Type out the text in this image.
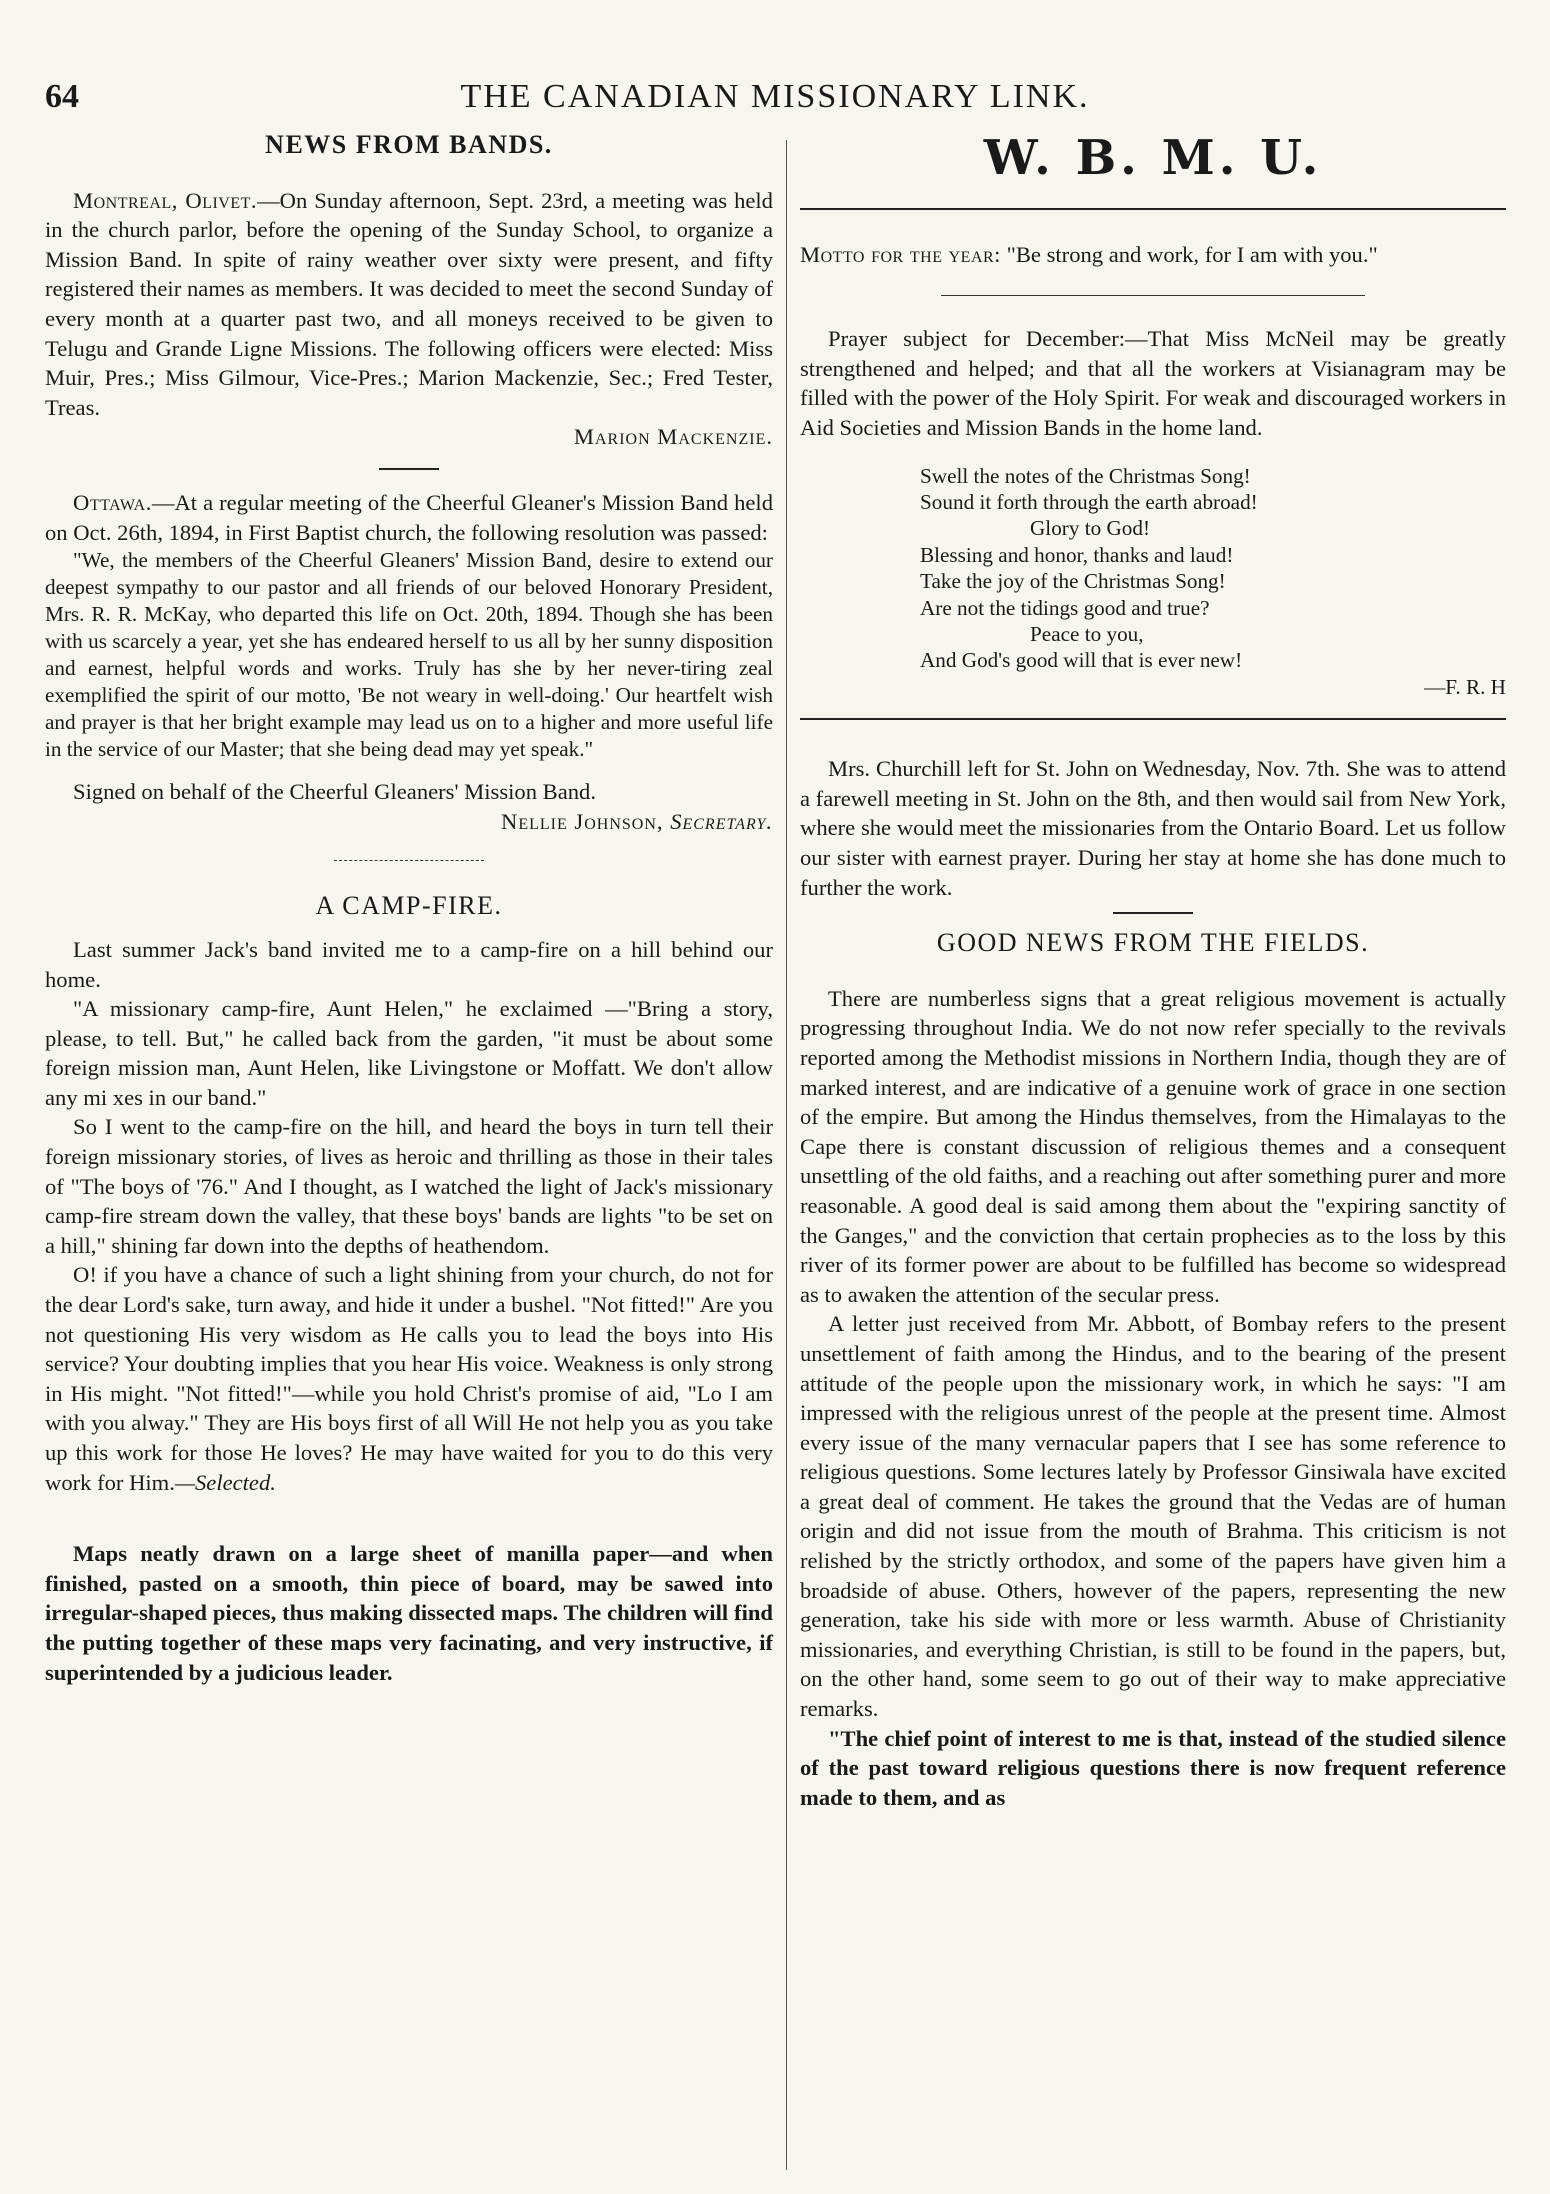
64	THE CANADIAN MISSIONARY LINK.
NEWS FROM BANDS.

Montreal, Olivet.—On Sunday afternoon, Sept. 23rd, a meeting was held in the church parlor, before the opening of the Sunday School, to organize a Mission Band. In spite of rainy weather over sixty were present, and fifty registered their names as members. It was decided to meet the second Sunday of every month at a quarter past two, and all moneys received to be given to Telugu and Grande Ligne Missions. The following officers were elected: Miss Muir, Pres.; Miss Gilmour, Vice-Pres.; Marion Mackenzie, Sec.; Fred Tester, Treas.

Marion Mackenzie.

Ottawa.—At a regular meeting of the Cheerful Gleaner's Mission Band held on Oct. 26th, 1894, in First Baptist church, the following resolution was passed:

"We, the members of the Cheerful Gleaners' Mission Band, desire to extend our deepest sympathy to our pastor and all friends of our beloved Honorary President, Mrs. R. R. McKay, who departed this life on Oct. 20th, 1894. Though she has been with us scarcely a year, yet she has endeared herself to us all by her sunny disposition and earnest, helpful words and works. Truly has she by her never-tiring zeal exemplified the spirit of our motto, 'Be not weary in well-doing.' Our heartfelt wish and prayer is that her bright example may lead us on to a higher and more useful life in the service of our Master; that she being dead may yet speak."

Signed on behalf of the Cheerful Gleaners' Mission Band.

Nellie Johnson, Secretary.
A CAMP-FIRE.

Last summer Jack's band invited me to a camp-fire on a hill behind our home.

"A missionary camp-fire, Aunt Helen," he exclaimed —"Bring a story, please, to tell. But," he called back from the garden, "it must be about some foreign mission man, Aunt Helen, like Livingstone or Moffatt. We don't allow any mi xes in our band."

So I went to the camp-fire on the hill, and heard the boys in turn tell their foreign missionary stories, of lives as heroic and thrilling as those in their tales of "The boys of '76." And I thought, as I watched the light of Jack's missionary camp-fire stream down the valley, that these boys' bands are lights "to be set on a hill," shining far down into the depths of heathendom.

O! if you have a chance of such a light shining from your church, do not for the dear Lord's sake, turn away, and hide it under a bushel. "Not fitted!" Are you not questioning His very wisdom as He calls you to lead the boys into His service? Your doubting implies that you hear His voice. Weakness is only strong in His might. "Not fitted!"—while you hold Christ's promise of aid, "Lo I am with you alway." They are His boys first of all Will He not help you as you take up this work for those He loves? He may have waited for you to do this very work for Him.—Selected.

Maps neatly drawn on a large sheet of manilla paper—and when finished, pasted on a smooth, thin piece of board, may be sawed into irregular-shaped pieces, thus making dissected maps. The children will find the putting together of these maps very facinating, and very instructive, if superintended by a judicious leader.

W. B. M. U.

Motto for the year: "Be strong and work, for I am with you."

Prayer subject for December:—That Miss McNeil may be greatly strengthened and helped; and that all the workers at Visianagram may be filled with the power of the Holy Spirit. For weak and discouraged workers in Aid Societies and Mission Bands in the home land.

Swell the notes of the Christmas Song!
Sound it forth through the earth abroad!
Glory to God!
Blessing and honor, thanks and laud!
Take the joy of the Christmas Song!
Are not the tidings good and true?
Peace to you,
And God's good will that is ever new!
—F. R. H

Mrs. Churchill left for St. John on Wednesday, Nov. 7th. She was to attend a farewell meeting in St. John on the 8th, and then would sail from New York, where she would meet the missionaries from the Ontario Board. Let us follow our sister with earnest prayer. During her stay at home she has done much to further the work.

GOOD NEWS FROM THE FIELDS.

There are numberless signs that a great religious movement is actually progressing throughout India. We do not now refer specially to the revivals reported among the Methodist missions in Northern India, though they are of marked interest, and are indicative of a genuine work of grace in one section of the empire. But among the Hindus themselves, from the Himalayas to the Cape there is constant discussion of religious themes and a consequent unsettling of the old faiths, and a reaching out after something purer and more reasonable. A good deal is said among them about the "expiring sanctity of the Ganges," and the conviction that certain prophecies as to the loss by this river of its former power are about to be fulfilled has become so widespread as to awaken the attention of the secular press.

A letter just received from Mr. Abbott, of Bombay refers to the present unsettlement of faith among the Hindus, and to the bearing of the present attitude of the people upon the missionary work, in which he says: "I am impressed with the religious unrest of the people at the present time. Almost every issue of the many vernacular papers that I see has some reference to religious questions. Some lectures lately by Professor Ginsiwala have excited a great deal of comment. He takes the ground that the Vedas are of human origin and did not issue from the mouth of Brahma. This criticism is not relished by the strictly orthodox, and some of the papers have given him a broadside of abuse. Others, however of the papers, representing the new generation, take his side with more or less warmth. Abuse of Christianity missionaries, and everything Christian, is still to be found in the papers, but, on the other hand, some seem to go out of their way to make appreciative remarks.

"The chief point of interest to me is that, instead of the studied silence of the past toward religious questions there is now frequent reference made to them, and as
